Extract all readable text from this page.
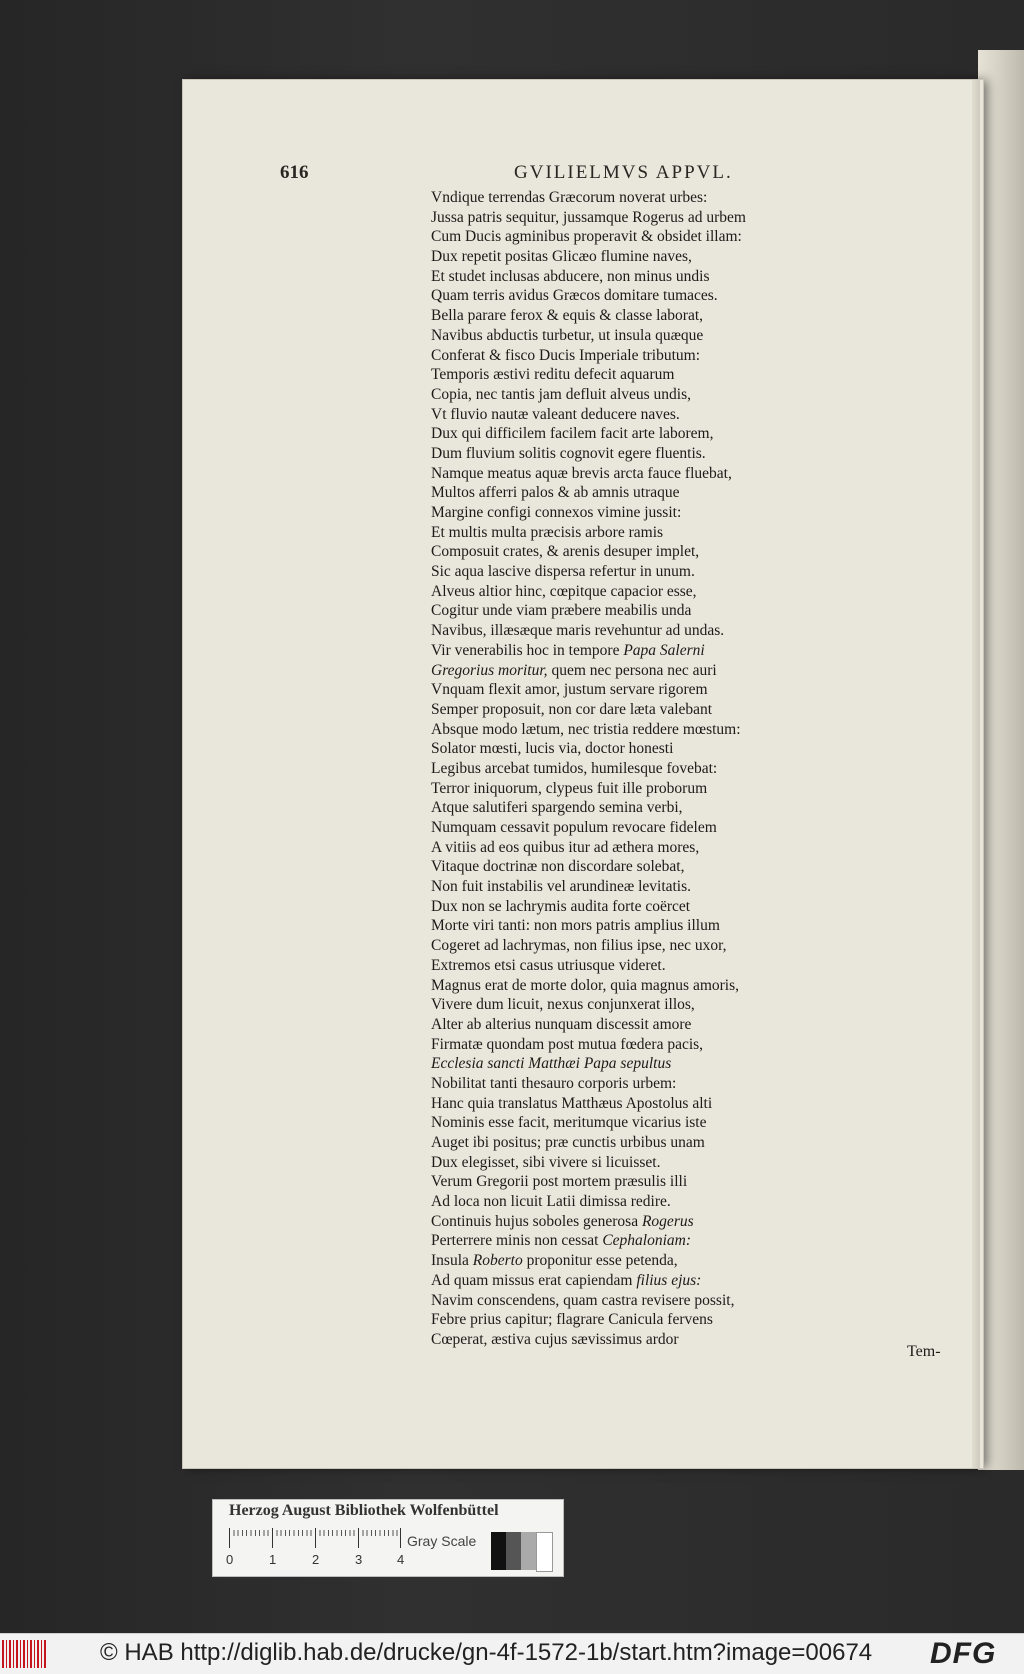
616	GVILIELMVS APPVL.
Vndique terrendas Græcorum noverat urbes:
Jussa patris sequitur, jussamque Rogerus ad urbem
Cum Ducis agminibus properavit & obsidet illam:
Dux repetit positas Glicæo flumine naves,
Et studet inclusas abducere, non minus undis
Quam terris avidus Græcos domitare tumaces.
Bella parare ferox & equis & classe laborat,
Navibus abductis turbetur, ut insula quæque
Conferat & fisco Ducis Imperiale tributum:
Temporis æstivi reditu defecit aquarum
Copia, nec tantis jam defluit alveus undis,
Vt fluvio nautæ valeant deducere naves.
Dux qui difficilem facilem facit arte laborem,
Dum fluvium solitis cognovit egere fluentis.
Namque meatus aquæ brevis arcta fauce fluebat,
Multos afferri palos & ab amnis utraque
Margine configi connexos vimine jussit:
Et multis multa præcisis arbore ramis
Composuit crates, & arenis desuper implet,
Sic aqua lascive dispersa refertur in unum.
Alveus altior hinc, cœpitque capacior esse,
Cogitur unde viam præbere meabilis unda
Navibus, illæsæque maris revehuntur ad undas.
Vir venerabilis hoc in tempore Papa Salerni
Gregorius moritur, quem nec persona nec auri
Vnquam flexit amor, justum servare rigorem
Semper proposuit, non cor dare læta valebant
Absque modo lætum, nec tristia reddere mœstum:
Solator mœsti, lucis via, doctor honesti
Legibus arcebat tumidos, humilesque fovebat:
Terror iniquorum, clypeus fuit ille proborum
Atque salutiferi spargendo semina verbi,
Numquam cessavit populum revocare fidelem
A vitiis ad eos quibus itur ad æthera mores,
Vitaque doctrinæ non discordare solebat,
Non fuit instabilis vel arundineæ levitatis.
Dux non se lachrymis audita forte coërcet
Morte viri tanti: non mors patris amplius illum
Cogeret ad lachrymas, non filius ipse, nec uxor,
Extremos etsi casus utriusque videret.
Magnus erat de morte dolor, quia magnus amoris,
Vivere dum licuit, nexus conjunxerat illos,
Alter ab alterius nunquam discessit amore
Firmatæ quondam post mutua fœdera pacis,
Ecclesia sancti Matthæi Papa sepultus
Nobilitat tanti thesauro corporis urbem:
Hanc quia translatus Matthæus Apostolus alti
Nominis esse facit, meritumque vicarius iste
Auget ibi positus; præ cunctis urbibus unam
Dux elegisset, sibi vivere si licuisset.
Verum Gregorii post mortem præsulis illi
Ad loca non licuit Latii dimissa redire.
Continuis hujus soboles generosa Rogerus
Perterrere minis non cessat Cephaloniam:
Insula Roberto proponitur esse petenda,
Ad quam missus erat capiendam filius ejus:
Navim conscendens, quam castra revisere possit,
Febre prius capitur; flagrare Canicula fervens
Cœperat, æstiva cujus sævissimus ardor
Tem-
Herzog August Bibliothek Wolfenbüttel
0	1	2	3	4
Gray Scale
© HAB http://diglib.hab.de/drucke/gn-4f-1572-1b/start.htm?image=00674 DFG
